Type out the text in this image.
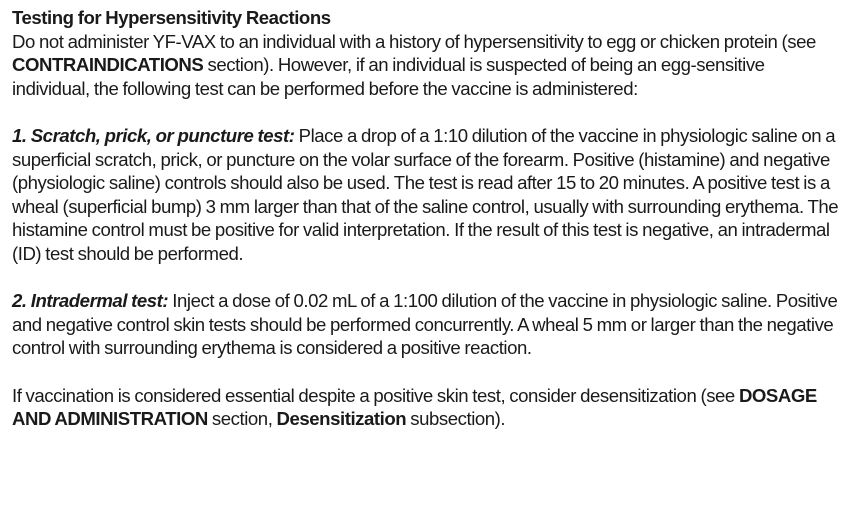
Testing for Hypersensitivity Reactions

Do not administer YF-VAX to an individual with a history of hypersensitivity to egg or chicken protein (see CONTRAINDICATIONS section). However, if an individual is suspected of being an egg-sensitive individual, the following test can be performed before the vaccine is administered:

1. Scratch, prick, or puncture test: Place a drop of a 1:10 dilution of the vaccine in physiologic saline on a superficial scratch, prick, or puncture on the volar surface of the forearm. Positive (histamine) and negative (physiologic saline) controls should also be used. The test is read after 15 to 20 minutes. A positive test is a wheal (superficial bump) 3 mm larger than that of the saline control, usually with surrounding erythema. The histamine control must be positive for valid interpretation. If the result of this test is negative, an intradermal (ID) test should be performed.

2. Intradermal test: Inject a dose of 0.02 mL of a 1:100 dilution of the vaccine in physiologic saline. Positive and negative control skin tests should be performed concurrently. A wheal 5 mm or larger than the negative control with surrounding erythema is considered a positive reaction.

If vaccination is considered essential despite a positive skin test, consider desensitization (see DOSAGE AND ADMINISTRATION section, Desensitization subsection).
